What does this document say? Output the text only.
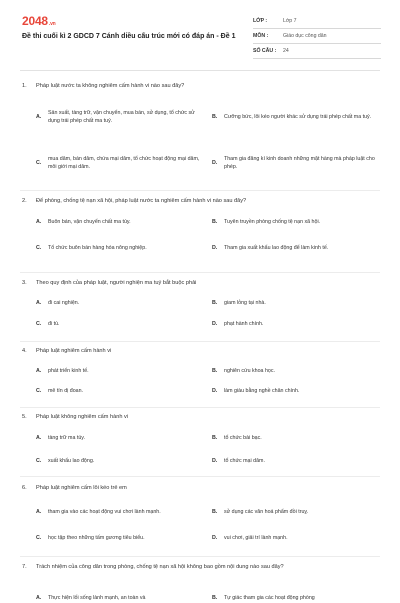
2048.vn
Đề thi cuối kì 2 GDCD 7 Cánh diều cấu trúc mới có đáp án - Đề 1
LỚP :	Lớp 7
MÔN :	Giáo dục công dân
SỐ CÂU :	24
1. Pháp luật nước ta không nghiêm cấm hành vi nào sau đây?
A.
Sản xuất, tàng trữ, vận chuyển, mua bán, sử dụng, tổ chức sử dụng trái phép chất ma tuý.
B.	Cưỡng bức, lôi kéo người khác sử dụng trái phép chất ma tuý.
C.
mua dâm, bán dâm, chứa mại dâm, tổ chức hoạt động mại dâm, môi giới mại dâm.
D.
Tham gia đăng kí kinh doanh những mặt hàng mà pháp luật cho phép.
2. Để phòng, chống tệ nạn xã hội, pháp luật nước ta nghiêm cấm hành vi nào sau đây?
A.	Buôn bán, vận chuyển chất ma túy.	B.	Tuyên truyền phòng chống tệ nạn xã hội.
C.	Tổ chức buôn bán hàng hóa nông nghiệp.	D.	Tham gia xuất khẩu lao động để làm kinh tế.
3. Theo quy định của pháp luật, người nghiện ma tuý bắt buộc phải
A.	đi cai nghiện.	B.	giam lỏng tại nhà.
C.	đi tù.	D.	phạt hành chính.
4. Pháp luật nghiêm cấm hành vi
A.	phát triển kinh tế.	B.	nghiên cứu khoa học.
C.	mê tín dị đoan.	D.	làm giàu bằng nghề chân chính.
5. Pháp luật không nghiêm cấm hành vi
A.	tàng trữ ma túy.	B.	tổ chức bài bạc.
C.	xuất khẩu lao động.	D.	tổ chức mại dâm.
6. Pháp luật nghiêm cấm lôi kéo trẻ em
A.	tham gia vào các hoạt động vui chơi lành mạnh.	B.	sử dụng các văn hoá phẩm đồi truỵ.
C.	học tập theo những tấm gương tiêu biểu.	D.	vui chơi, giải trí lành mạnh.
7. Trách nhiệm của công dân trong phòng, chống tệ nạn xã hội không bao gồm nội dung nào sau đây?
A.	Thực hiện lối sống lành mạnh, an toàn và	B.	Tự giác tham gia các hoạt động phòng
